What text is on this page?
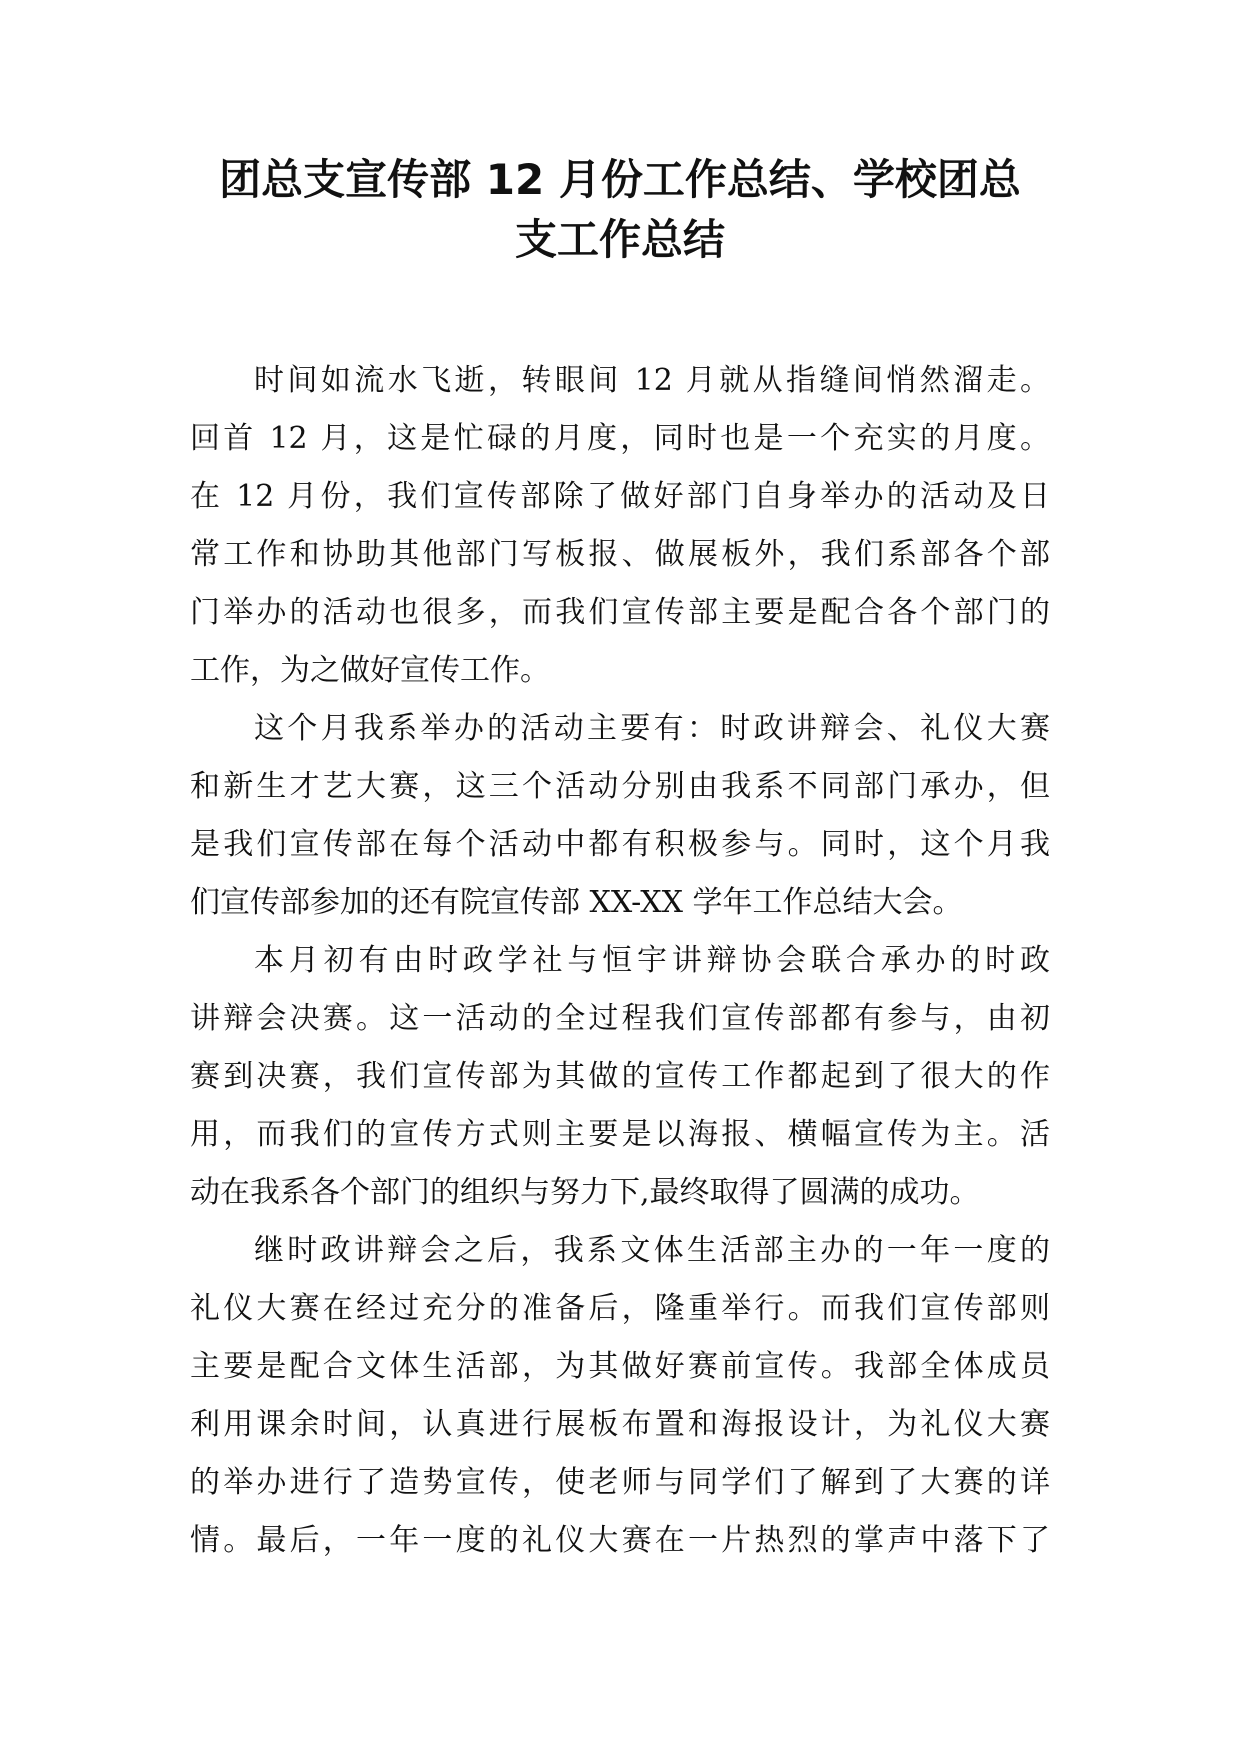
团总支宣传部 12 月份工作总结、学校团总
支工作总结
时间如流水飞逝，转眼间 12 月就从指缝间悄然溜走。
回首 12 月，这是忙碌的月度，同时也是一个充实的月度。
在 12 月份，我们宣传部除了做好部门自身举办的活动及日
常工作和协助其他部门写板报、做展板外，我们系部各个部
门举办的活动也很多，而我们宣传部主要是配合各个部门的
工作，为之做好宣传工作。
这个月我系举办的活动主要有：时政讲辩会、礼仪大赛
和新生才艺大赛，这三个活动分别由我系不同部门承办，但
是我们宣传部在每个活动中都有积极参与。同时，这个月我
们宣传部参加的还有院宣传部 XX-XX 学年工作总结大会。
本月初有由时政学社与恒宇讲辩协会联合承办的时政
讲辩会决赛。这一活动的全过程我们宣传部都有参与，由初
赛到决赛，我们宣传部为其做的宣传工作都起到了很大的作
用，而我们的宣传方式则主要是以海报、横幅宣传为主。活
动在我系各个部门的组织与努力下,最终取得了圆满的成功。
继时政讲辩会之后，我系文体生活部主办的一年一度的
礼仪大赛在经过充分的准备后，隆重举行。而我们宣传部则
主要是配合文体生活部，为其做好赛前宣传。我部全体成员
利用课余时间，认真进行展板布置和海报设计，为礼仪大赛
的举办进行了造势宣传，使老师与同学们了解到了大赛的详
情。最后，一年一度的礼仪大赛在一片热烈的掌声中落下了
